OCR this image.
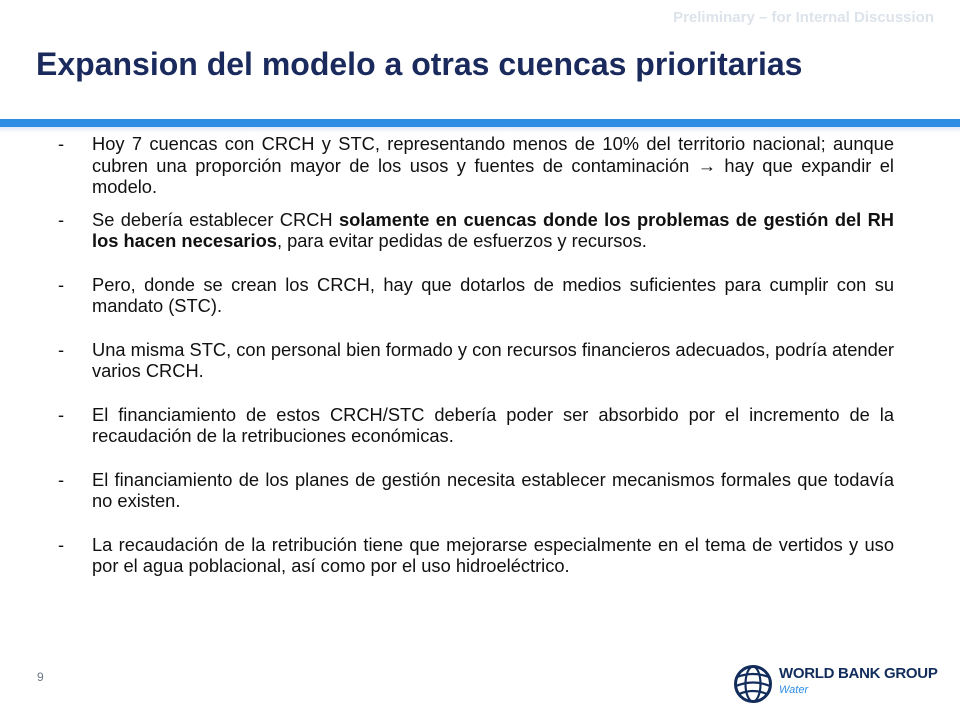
Preliminary – for Internal Discussion
Expansion del modelo a otras cuencas prioritarias
- Hoy 7 cuencas con CRCH y STC, representando menos de 10% del territorio nacional; aunque cubren una proporción mayor de los usos y fuentes de contaminación → hay que expandir el modelo.
- Se debería establecer CRCH solamente en cuencas donde los problemas de gestión del RH los hacen necesarios, para evitar pedidas de esfuerzos y recursos.
- Pero, donde se crean los CRCH, hay que dotarlos de medios suficientes para cumplir con su mandato (STC).
- Una misma STC, con personal bien formado y con recursos financieros adecuados, podría atender varios CRCH.
- El financiamiento de estos CRCH/STC debería poder ser absorbido por el incremento de la recaudación de la retribuciones económicas.
- El financiamiento de los planes de gestión necesita establecer mecanismos formales que todavía no existen.
- La recaudación de la retribución tiene que mejorarse especialmente en el tema de vertidos y uso por el agua poblacional, así como por el uso hidroeléctrico.
9	WORLD BANK GROUP
Water
